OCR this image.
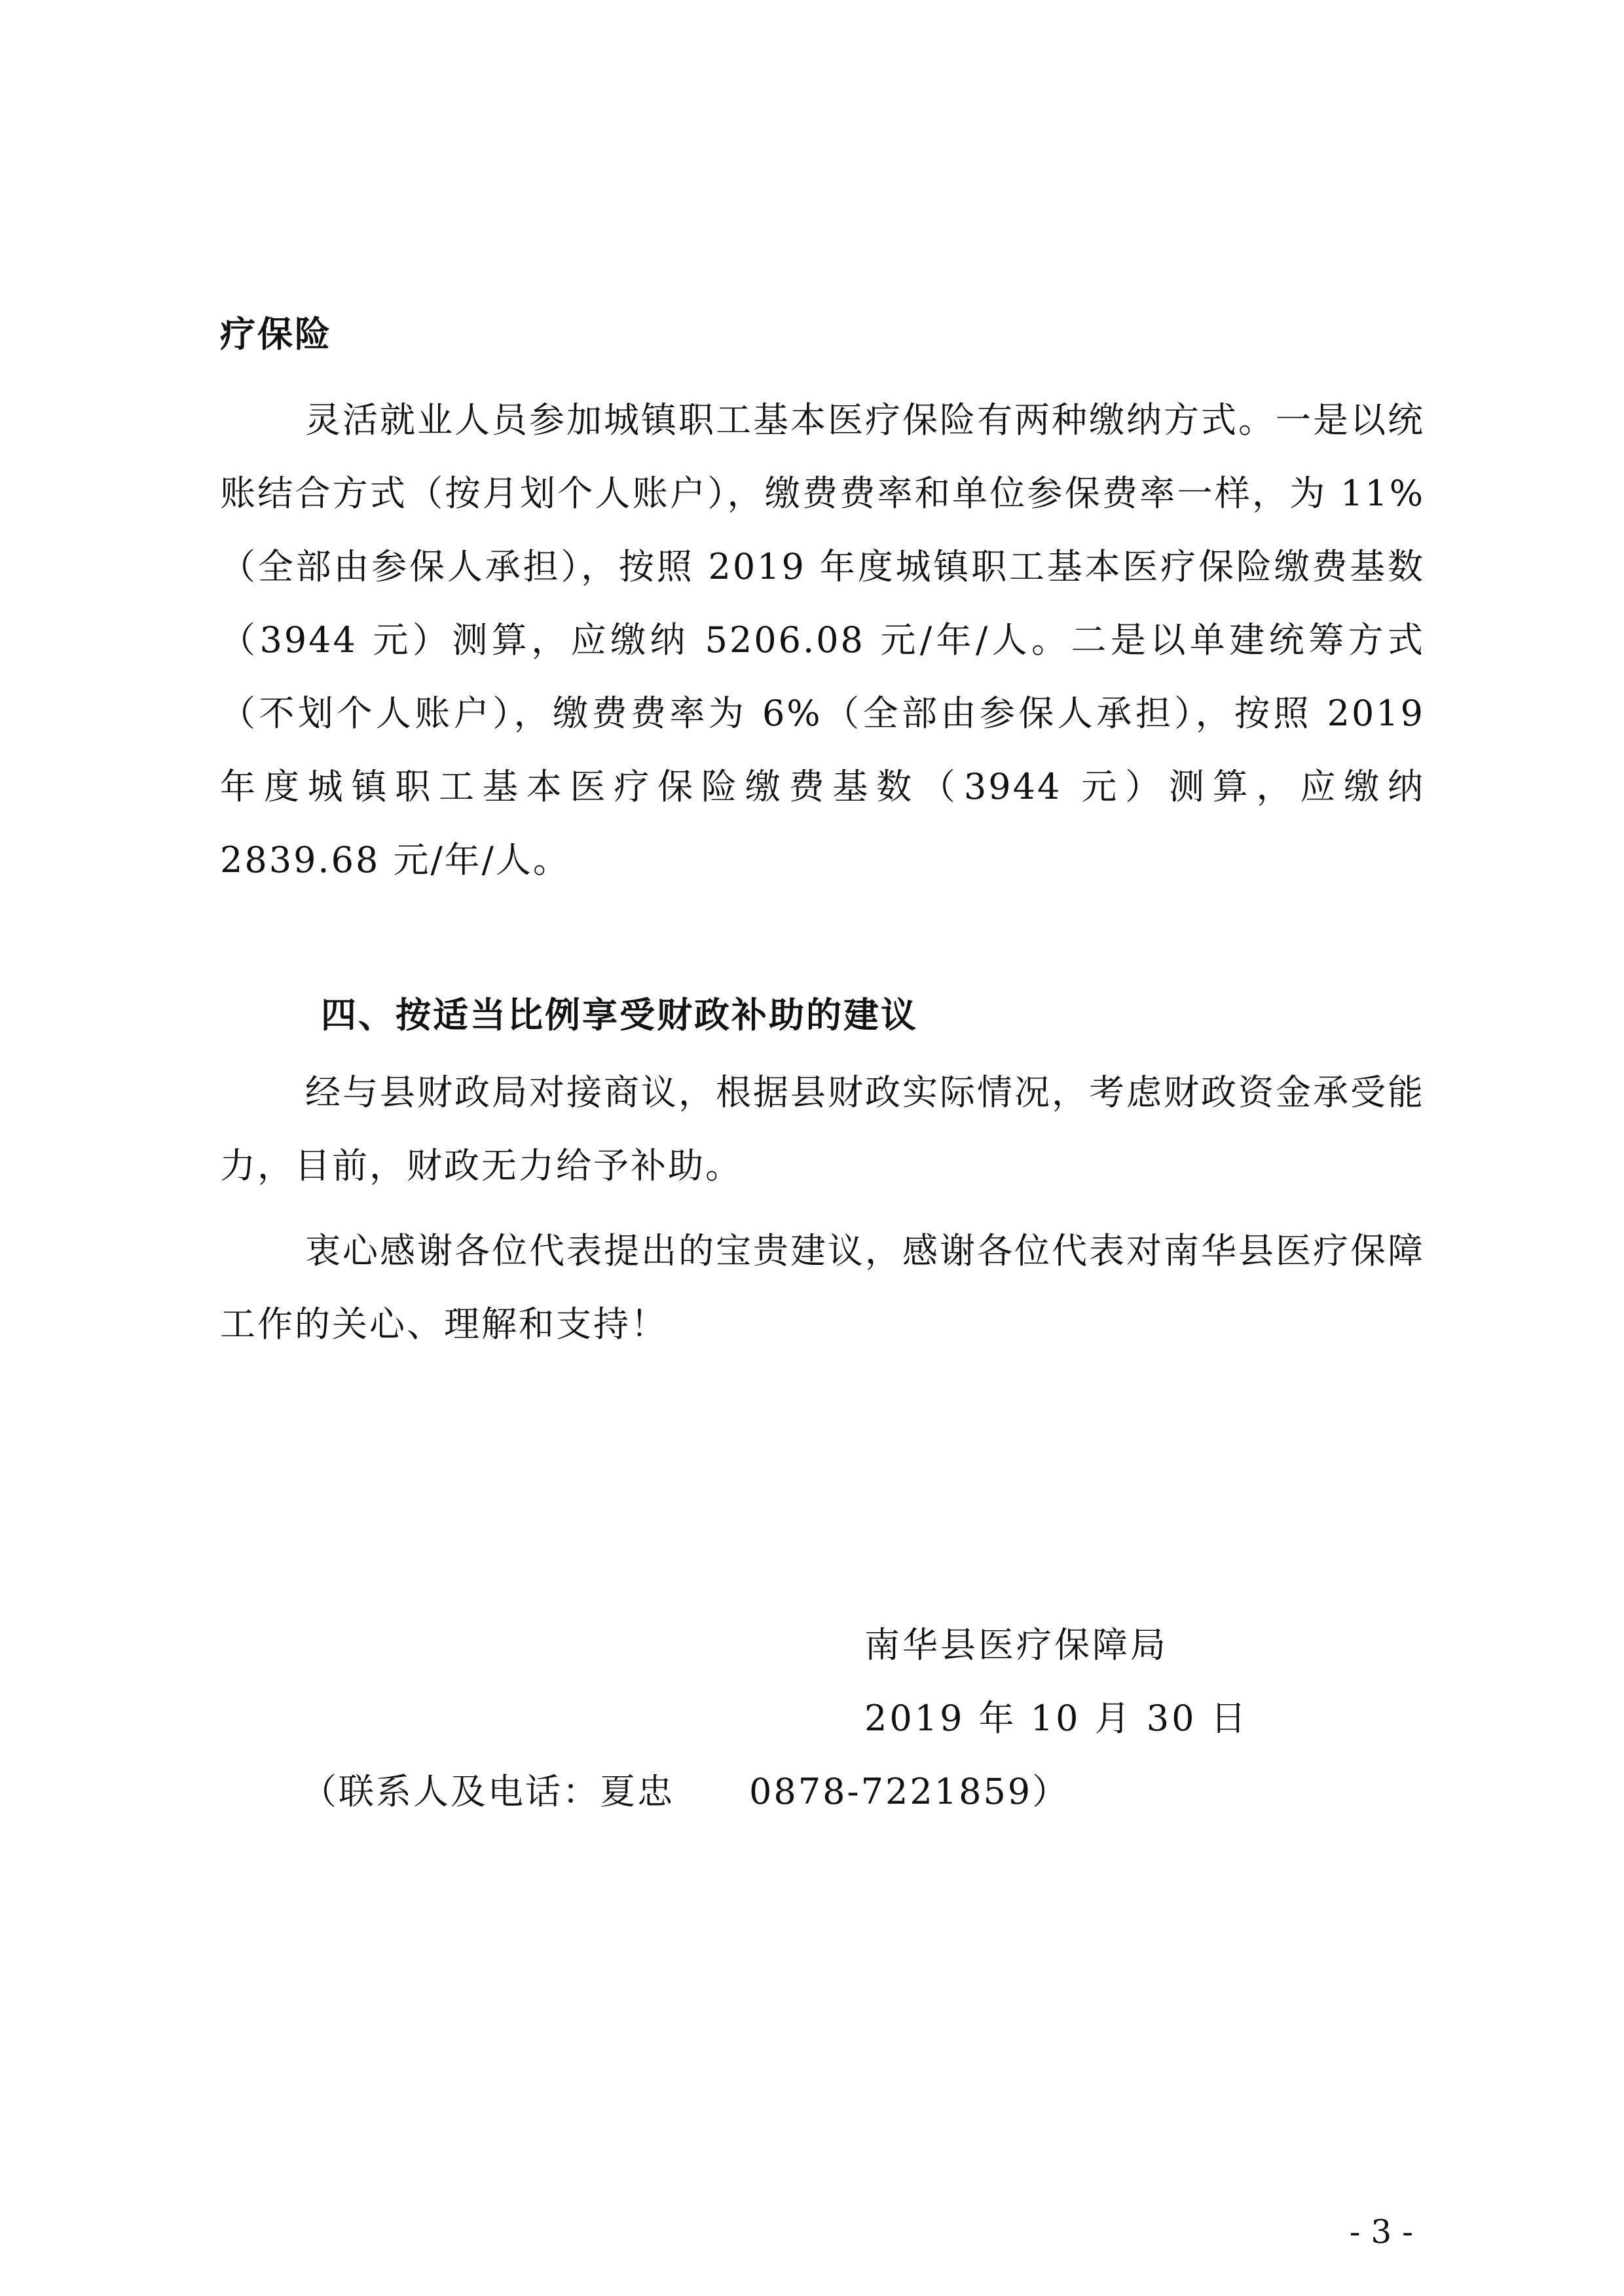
疗保险
灵活就业人员参加城镇职工基本医疗保险有两种缴纳方式。一是以统账结合方式（按月划个人账户），缴费费率和单位参保费率一样，为 11%（全部由参保人承担），按照 2019 年度城镇职工基本医疗保险缴费基数（3944 元）测算，应缴纳 5206.08 元/年/人。二是以单建统筹方式（不划个人账户），缴费费率为 6%（全部由参保人承担），按照 2019 年度城镇职工基本医疗保险缴费基数（3944 元）测算，应缴纳 2839.68 元/年/人。
四、按适当比例享受财政补助的建议
经与县财政局对接商议，根据县财政实际情况，考虑财政资金承受能力，目前，财政无力给予补助。
衷心感谢各位代表提出的宝贵建议，感谢各位代表对南华县医疗保障工作的关心、理解和支持！
南华县医疗保障局
2019 年 10 月 30 日
（联系人及电话：夏忠　　0878-7221859）
- 3 -
